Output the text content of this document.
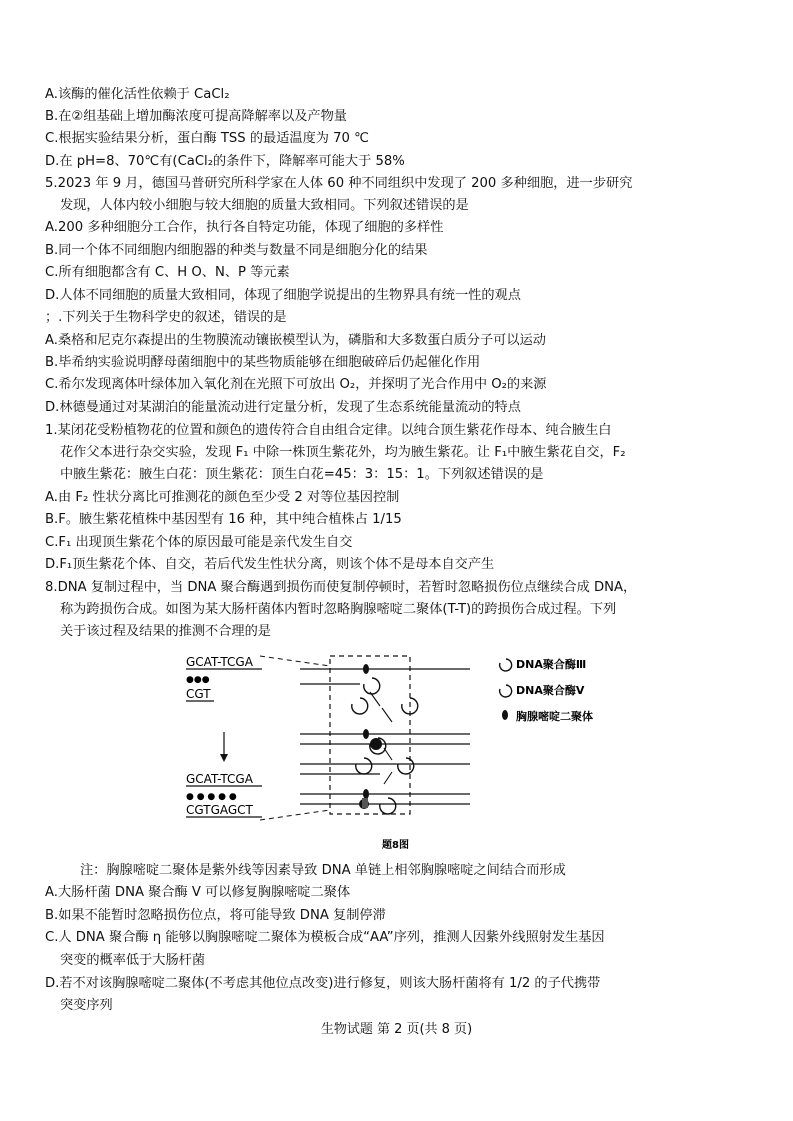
A.该酶的催化活性依赖于 CaCl₂
B.在②组基础上增加酶浓度可提高降解率以及产物量
C.根据实验结果分析，蛋白酶 TSS 的最适温度为 70 ℃
D.在 pH=8、70℃有(CaCl₂的条件下，降解率可能大于 58%
5.2023 年 9 月，德国马普研究所科学家在人体 60 种不同组织中发现了 200 多种细胞，进一步研究
发现，人体内较小细胞与较大细胞的质量大致相同。下列叙述错误的是
A.200 多种细胞分工合作，执行各自特定功能，体现了细胞的多样性
B.同一个体不同细胞内细胞器的种类与数量不同是细胞分化的结果
C.所有细胞都含有 C、H O、N、P 等元素
D.人体不同细胞的质量大致相同，体现了细胞学说提出的生物界具有统一性的观点
；.下列关于生物科学史的叙述，错误的是
A.桑格和尼克尔森提出的生物膜流动镶嵌模型认为，磷脂和大多数蛋白质分子可以运动
B.毕希纳实验说明酵母菌细胞中的某些物质能够在细胞破碎后仍起催化作用
C.希尔发现离体叶绿体加入氧化剂在光照下可放出 O₂，并探明了光合作用中 O₂的来源
D.林德曼通过对某湖泊的能量流动进行定量分析，发现了生态系统能量流动的特点
1.某闭花受粉植物花的位置和颜色的遗传符合自由组合定律。以纯合顶生紫花作母本、纯合腋生白
花作父本进行杂交实验，发现 F₁ 中除一株顶生紫花外，均为腋生紫花。让 F₁中腋生紫花自交，F₂
中腋生紫花：腋生白花：顶生紫花：顶生白花=45：3：15：1。下列叙述错误的是
A.由 F₂ 性状分离比可推测花的颜色至少受 2 对等位基因控制
B.F。腋生紫花植株中基因型有 16 种，其中纯合植株占 1/15
C.F₁ 出现顶生紫花个体的原因最可能是亲代发生自交
D.F₁顶生紫花个体、自交，若后代发生性状分离，则该个体不是母本自交产生
8.DNA 复制过程中，当 DNA 聚合酶遇到损伤而使复制停顿时，若暂时忽略损伤位点继续合成 DNA，
称为跨损伤合成。如图为某大肠杆菌体内暂时忽略胸腺嘧啶二聚体(T-T)的跨损伤合成过程。下列
关于该过程及结果的推测不合理的是
GCAT-TCGA
●●●
CGT
GCAT-TCGA
● ● ● ● ●
CGTGAGCT
DNA聚合酶Ⅲ
DNA聚合酶Ⅴ
胸腺嘧啶二聚体
题8图
注：胸腺嘧啶二聚体是紫外线等因素导致 DNA 单链上相邻胸腺嘧啶之间结合而形成
A.大肠杆菌 DNA 聚合酶 V 可以修复胸腺嘧啶二聚体
B.如果不能暂时忽略损伤位点，将可能导致 DNA 复制停滞
C.人 DNA 聚合酶 η 能够以胸腺嘧啶二聚体为模板合成“AA”序列，推测人因紫外线照射发生基因
突变的概率低于大肠杆菌
D.若不对该胸腺嘧啶二聚体(不考虑其他位点改变)进行修复，则该大肠杆菌将有 1/2 的子代携带
突变序列
生物试题 第 2 页(共 8 页)
